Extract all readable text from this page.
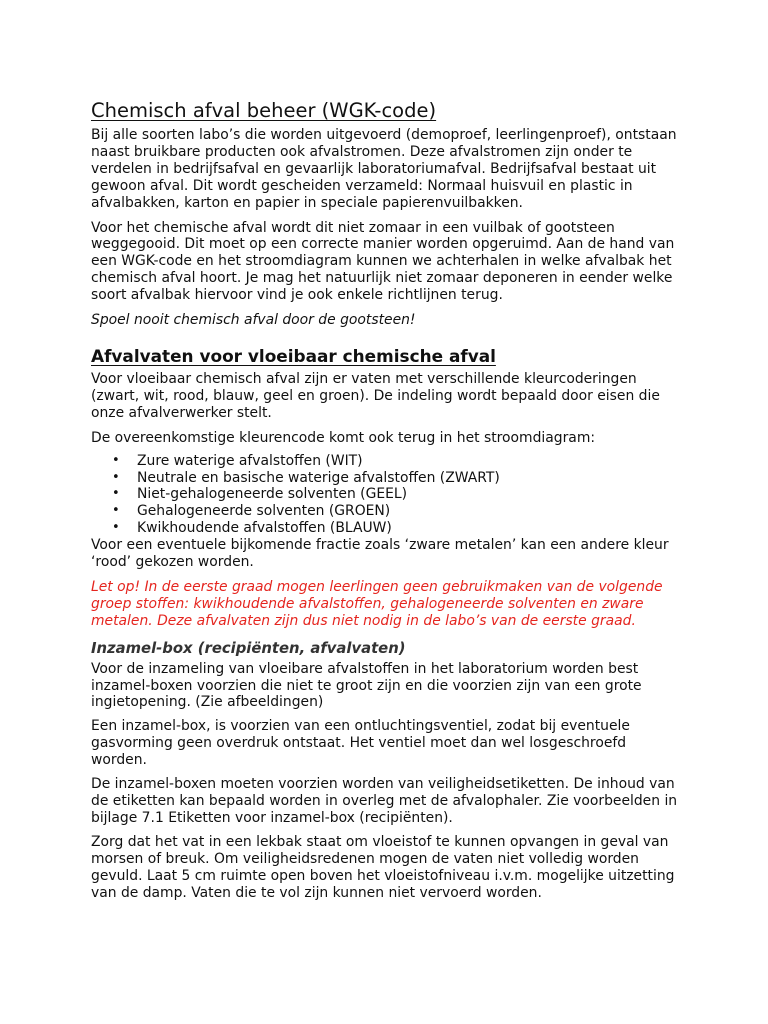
Chemisch afval beheer (WGK-code)

Bij alle soorten labo’s die worden uitgevoerd (demoproef, leerlingenproef), ontstaan naast bruikbare producten ook afvalstromen. Deze afvalstromen zijn onder te verdelen in bedrijfsafval en gevaarlijk laboratoriumafval. Bedrijfsafval bestaat uit gewoon afval. Dit wordt gescheiden verzameld: Normaal huisvuil en plastic in afvalbakken, karton en papier in speciale papierenvuilbakken.

Voor het chemische afval wordt dit niet zomaar in een vuilbak of gootsteen weggegooid. Dit moet op een correcte manier worden opgeruimd. Aan de hand van een WGK-code en het stroomdiagram kunnen we achterhalen in welke afvalbak het chemisch afval hoort. Je mag het natuurlijk niet zomaar deponeren in eender welke soort afvalbak hiervoor vind je ook enkele richtlijnen terug.

Spoel nooit chemisch afval door de gootsteen!

Afvalvaten voor vloeibaar chemische afval

Voor vloeibaar chemisch afval zijn er vaten met verschillende kleurcoderingen (zwart, wit, rood, blauw, geel en groen). De indeling wordt bepaald door eisen die onze afvalverwerker stelt.

De overeenkomstige kleurencode komt ook terug in het stroomdiagram:

• Zure waterige afvalstoffen (WIT)
• Neutrale en basische waterige afvalstoffen (ZWART)
• Niet-gehalogeneerde solventen (GEEL)
• Gehalogeneerde solventen (GROEN)
• Kwikhoudende afvalstoffen (BLAUW)

Voor een eventuele bijkomende fractie zoals ‘zware metalen’ kan een andere kleur ‘rood’ gekozen worden.

Let op! In de eerste graad mogen leerlingen geen gebruikmaken van de volgende groep stoffen: kwikhoudende afvalstoffen, gehalogeneerde solventen en zware metalen. Deze afvalvaten zijn dus niet nodig in de labo’s van de eerste graad.

Inzamel-box (recipiënten, afvalvaten)

Voor de inzameling van vloeibare afvalstoffen in het laboratorium worden best inzamel-boxen voorzien die niet te groot zijn en die voorzien zijn van een grote ingietopening. (Zie afbeeldingen)

Een inzamel-box, is voorzien van een ontluchtingsventiel, zodat bij eventuele gasvorming geen overdruk ontstaat. Het ventiel moet dan wel losgeschroefd worden.

De inzamel-boxen moeten voorzien worden van veiligheidsetiketten. De inhoud van de etiketten kan bepaald worden in overleg met de afvalophaler. Zie voorbeelden in bijlage 7.1 Etiketten voor inzamel-box (recipiënten).

Zorg dat het vat in een lekbak staat om vloeistof te kunnen opvangen in geval van morsen of breuk. Om veiligheidsredenen mogen de vaten niet volledig worden gevuld. Laat 5 cm ruimte open boven het vloeistofniveau i.v.m. mogelijke uitzetting van de damp. Vaten die te vol zijn kunnen niet vervoerd worden.
